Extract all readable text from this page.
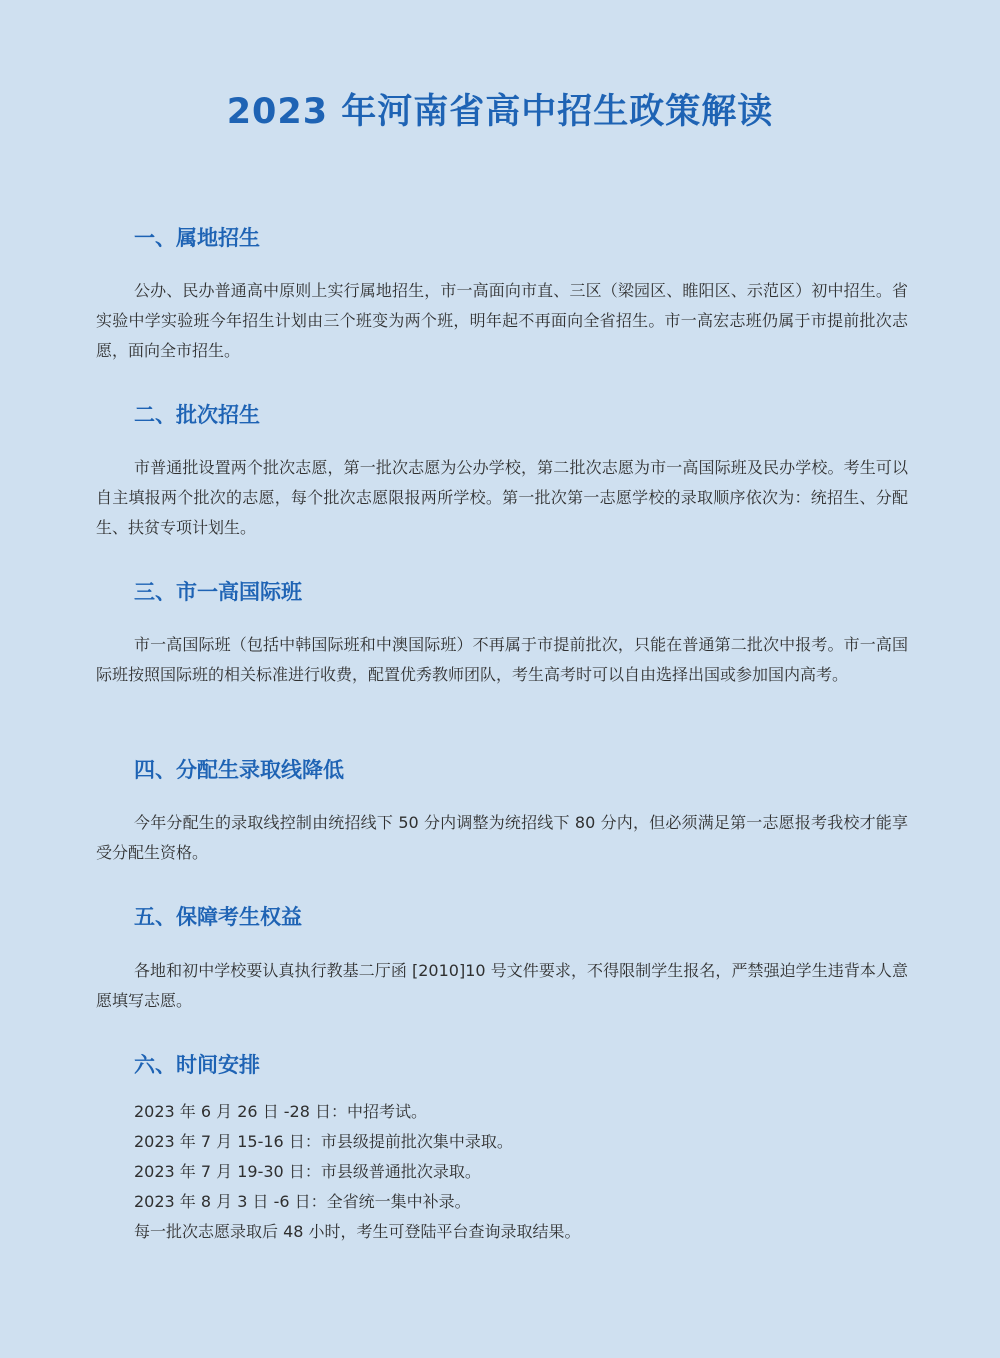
2023 年河南省高中招生政策解读
一、属地招生
公办、民办普通高中原则上实行属地招生，市一高面向市直、三区（梁园区、睢阳区、示范区）初中招生。省实验中学实验班今年招生计划由三个班变为两个班，明年起不再面向全省招生。市一高宏志班仍属于市提前批次志愿，面向全市招生。
二、批次招生
市普通批设置两个批次志愿，第一批次志愿为公办学校，第二批次志愿为市一高国际班及民办学校。考生可以自主填报两个批次的志愿，每个批次志愿限报两所学校。第一批次第一志愿学校的录取顺序依次为：统招生、分配生、扶贫专项计划生。
三、市一高国际班
市一高国际班（包括中韩国际班和中澳国际班）不再属于市提前批次，只能在普通第二批次中报考。市一高国际班按照国际班的相关标准进行收费，配置优秀教师团队，考生高考时可以自由选择出国或参加国内高考。
四、分配生录取线降低
今年分配生的录取线控制由统招线下 50 分内调整为统招线下 80 分内，但必须满足第一志愿报考我校才能享受分配生资格。
五、保障考生权益
各地和初中学校要认真执行教基二厅函 [2010]10 号文件要求，不得限制学生报名，严禁强迫学生违背本人意愿填写志愿。
六、时间安排
2023 年 6 月 26 日 -28 日：中招考试。
2023 年 7 月 15-16 日：市县级提前批次集中录取。
2023 年 7 月 19-30 日：市县级普通批次录取。
2023 年 8 月 3 日 -6 日：全省统一集中补录。
每一批次志愿录取后 48 小时，考生可登陆平台查询录取结果。
